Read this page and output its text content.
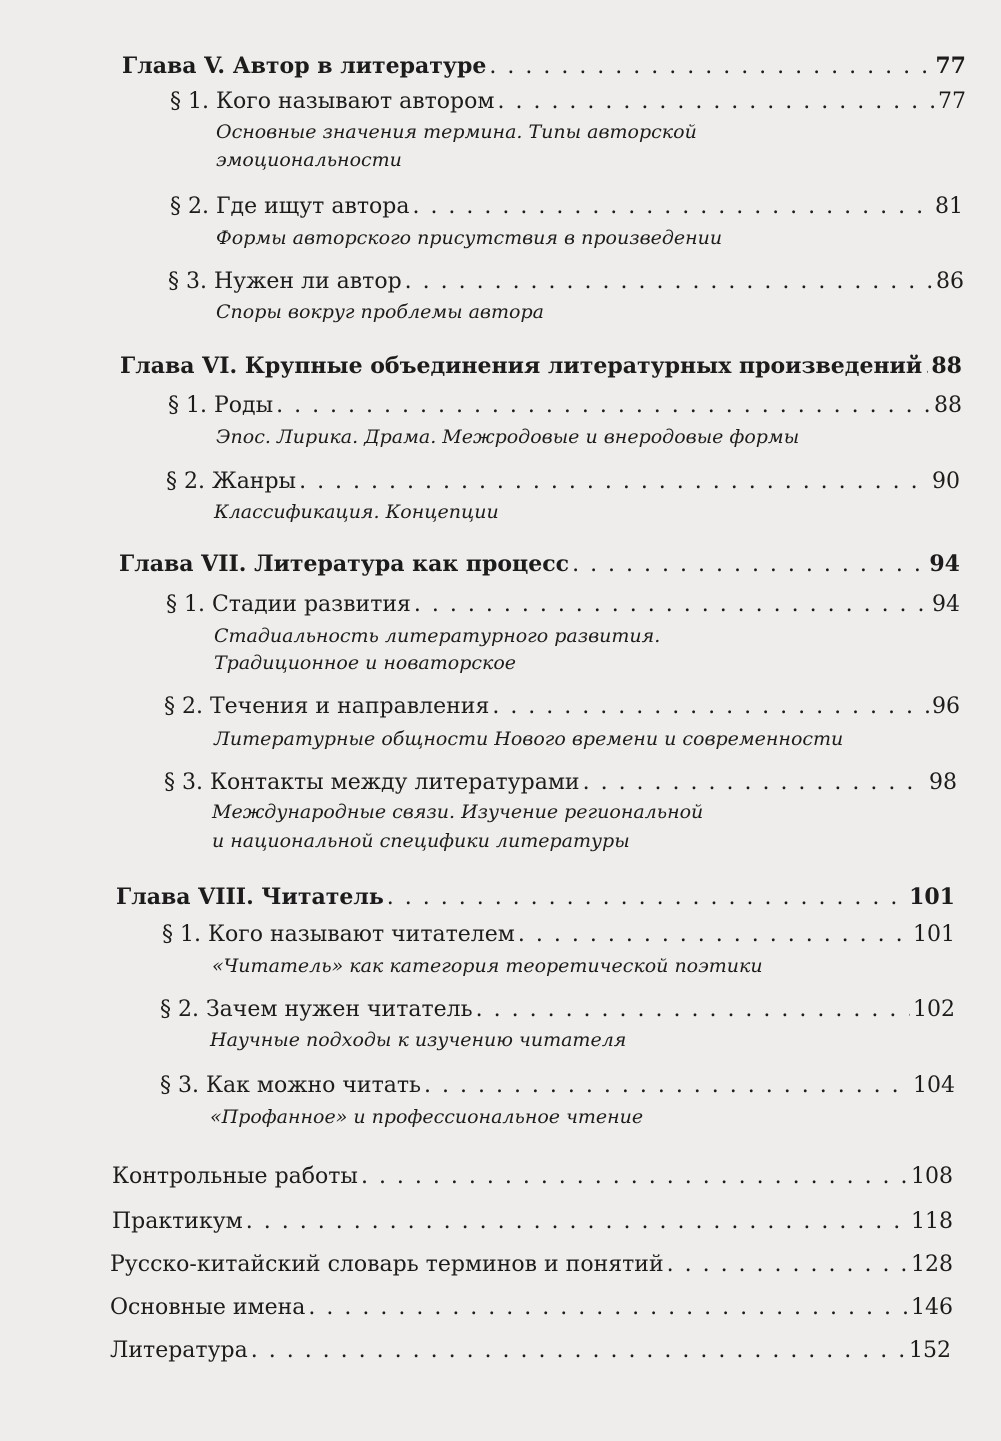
Глава V. Автор в литературе . . .	77
§ 1. Кого называют автором . . .	77
Основные значения термина. Типы авторской
эмоциональности
§ 2. Где ищут автора . . .	81
Формы авторского присутствия в произведении
§ 3. Нужен ли автор . . .	86
Споры вокруг проблемы автора
Глава VI. Крупные объединения литературных произведений . . . 88
§ 1. Роды . . .	88
Эпос. Лирика. Драма. Межродовые и внеродовые формы
§ 2. Жанры . . .	90
Классификация. Концепции
Глава VII. Литература как процесс . . .	94
§ 1. Стадии развития . . .	94
Стадиальность литературного развития.
Традиционное и новаторское
§ 2. Течения и направления . . .	96
Литературные общности Нового времени и современности
§ 3. Контакты между литературами . . .	98
Международные связи. Изучение региональной
и национальной специфики литературы
Глава VIII. Читатель . . .	101
§ 1. Кого называют читателем . . .	101
«Читатель» как категория теоретической поэтики
§ 2. Зачем нужен читатель . . .	102
Научные подходы к изучению читателя
§ 3. Как можно читать . . .	104
«Профанное» и профессиональное чтение
Контрольные работы . . .	108
Практикум . . .	118
Русско-китайский словарь терминов и понятий . . .	128
Основные имена . . .	146
Литература . . .	152
